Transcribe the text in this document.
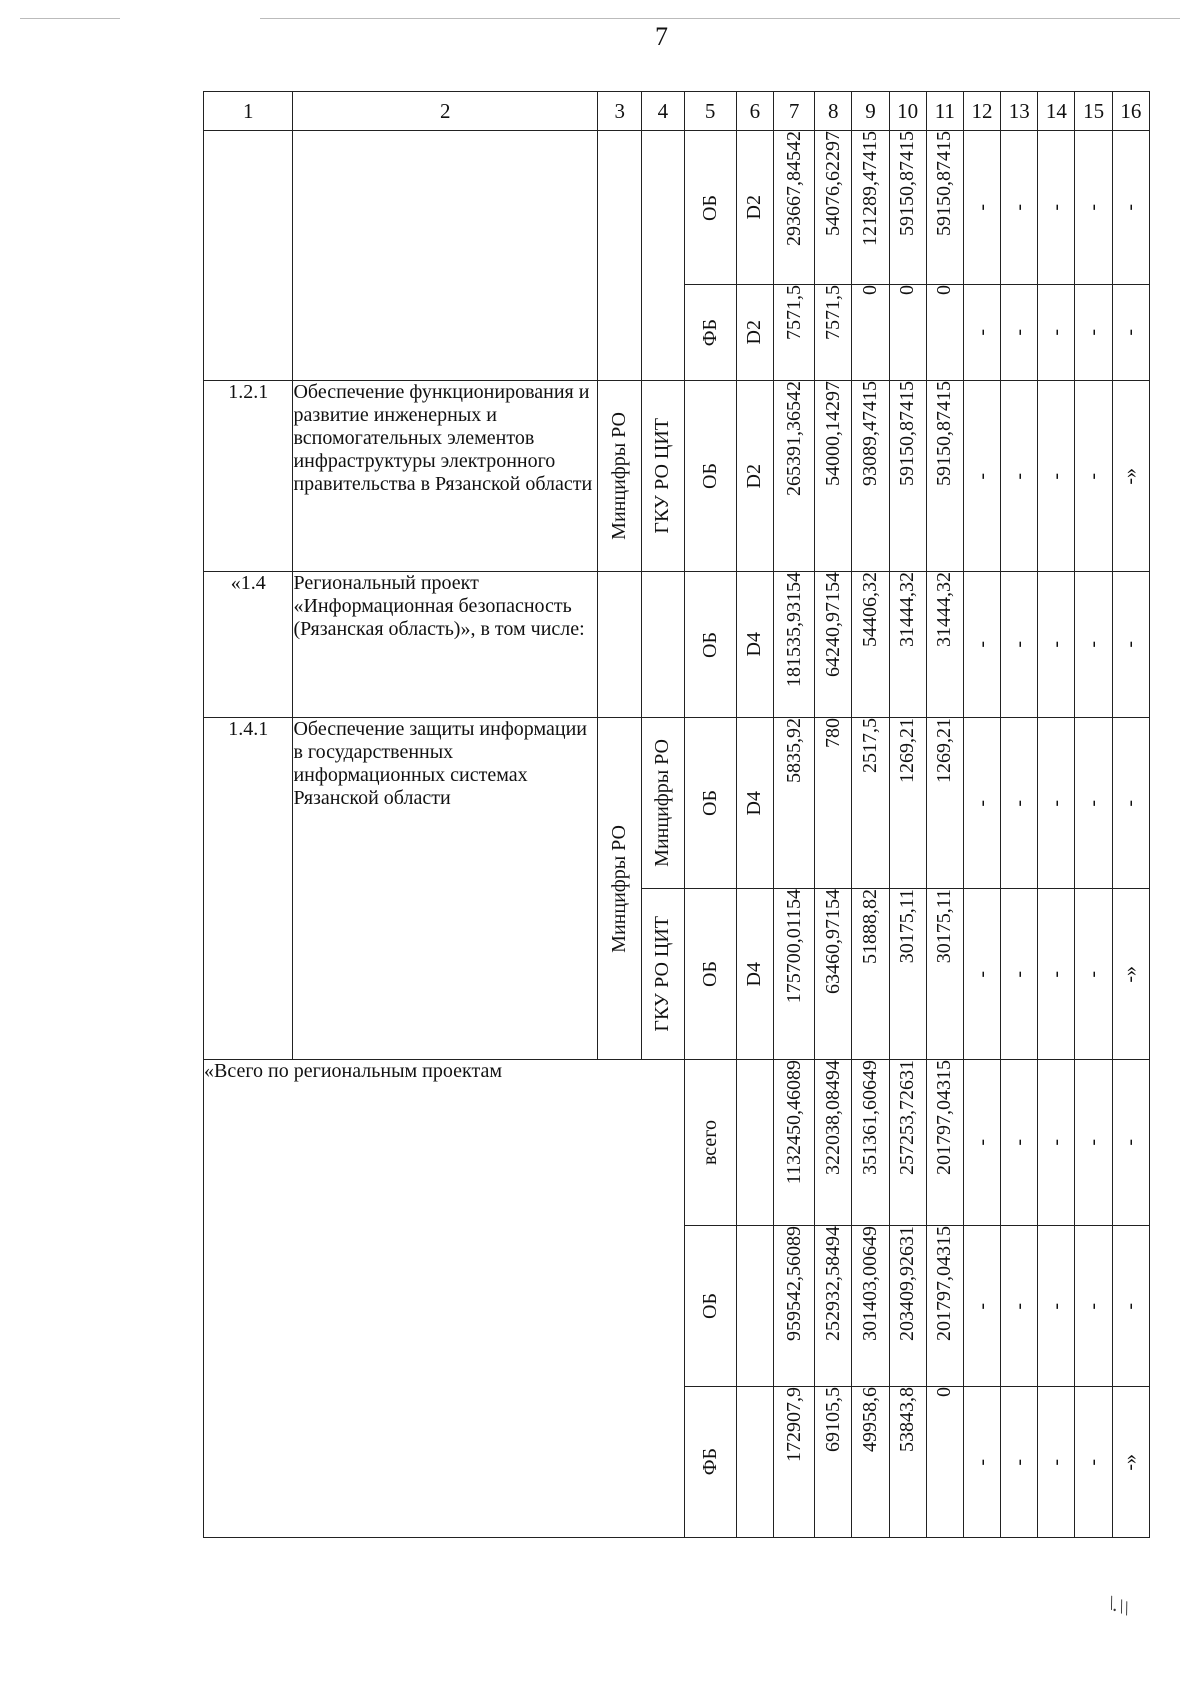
7
1	2	3	4	5	6	7	8	9	10	11	12	13	14	15	16

				ОБ	D2	293667,84542	54076,62297	121289,47415	59150,87415	59150,87415	-	-	-	-	-

				ФБ	D2	7571,5	7571,5	0	0	0	-	-	-	-	-

1.2.1	Обеспечение функционирования и развитие инженерных и вспомогательных элементов инфраструктуры электронного правительства в Рязанской области	Минцифры РО	ГКУ РО ЦИТ	ОБ	D2	265391,36542	54000,14297	93089,47415	59150,87415	59150,87415	-	-	-	-	-»

«1.4	Региональный проект «Информационная безопасность (Рязанская область)», в том числе:			ОБ	D4	181535,93154	64240,97154	54406,32	31444,32	31444,32	-	-	-	-	-

1.4.1	Обеспечение защиты информации в государственных информационных системах Рязанской области	Минцифры РО	Минцифры РО	ОБ	D4	5835,92	780	2517,5	1269,21	1269,21	-	-	-	-	-

			ГКУ РО ЦИТ	ОБ	D4	175700,01154	63460,97154	51888,82	30175,11	30175,11	-	-	-	-	-»

«Всего по региональным проектам				всего		1132450,46089	322038,08494	351361,60649	257253,72631	201797,04315	-	-	-	-	-

				ОБ		959542,56089	252932,58494	301403,00649	203409,92631	201797,04315	-	-	-	-	-

				ФБ		172907,9	69105,5	49958,6	53843,8	0	-	-	-	-	-»
\.\\
